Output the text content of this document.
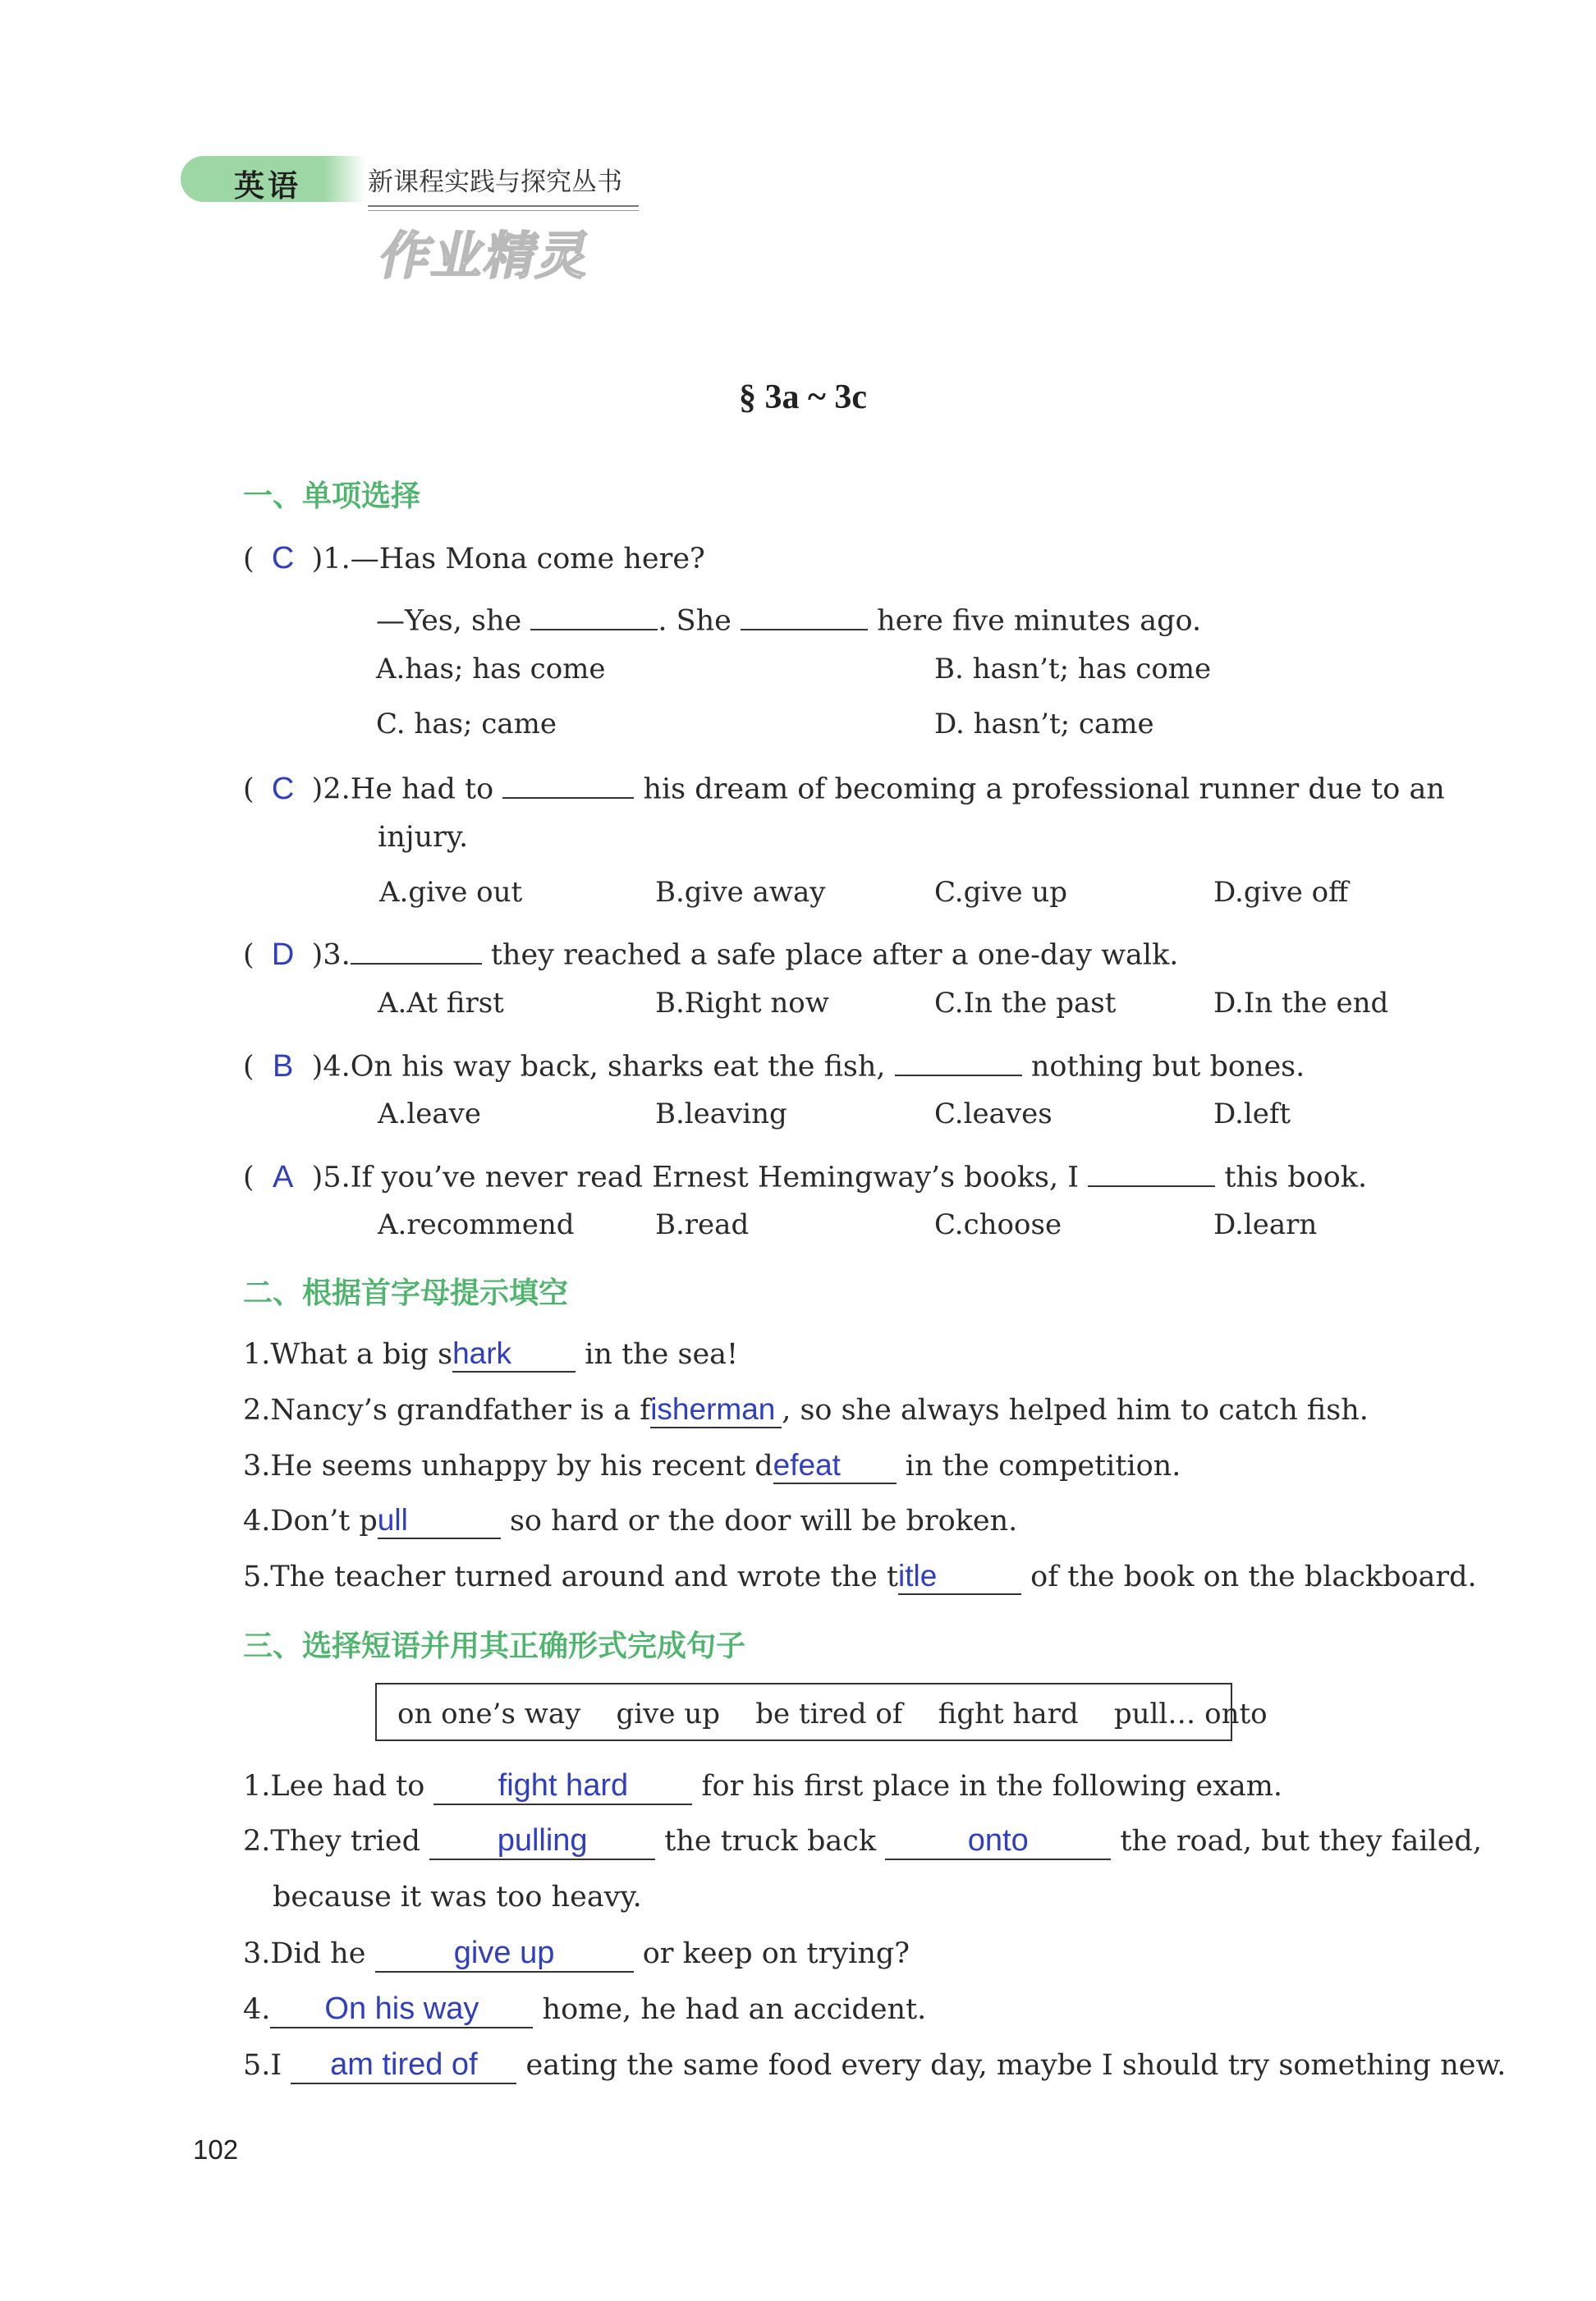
英语	新课程实践与探究丛书
作业精灵
§ 3a ~ 3c
一、单项选择
( C )1.—Has Mona come here?
—Yes, she	. She	here five minutes ago.
A.has; has come	B. hasn’t; has come
C. has; came	D. hasn’t; came
( C )2.He had to	his dream of becoming a professional runner due to an
injury.
A.give out	B.give away	C.give up	D.give off
( D )3.	they reached a safe place after a one-day walk.
A.At first	B.Right now	C.In the past	D.In the end
( B )4.On his way back, sharks eat the fish,	nothing but bones.
A.leave	B.leaving	C.leaves	D.left
( A )5.If you’ve never read Ernest Hemingway’s books, I	this book.
A.recommend	B.read	C.choose	D.learn
二、根据首字母提示填空
1.What a big shark	in the sea!
2.Nancy’s grandfather is a fisherman , so she always helped him to catch fish.
3.He seems unhappy by his recent defeat in the competition.
4.Don’t pull	so hard or the door will be broken.
5.The teacher turned around and wrote the title	of the book on the blackboard.
三、选择短语并用其正确形式完成句子
on one’s way    give up    be tired of    fight hard    pull… onto
1.Lee had to fight hard	for his first place in the following exam.
2.They tried pulling	the truck back	onto	the road, but they failed,
because it was too heavy.
3.Did he	give up	or keep on trying?
4. On his way home, he had an accident.
5.I am tired of eating the same food every day, maybe I should try something new.
102
